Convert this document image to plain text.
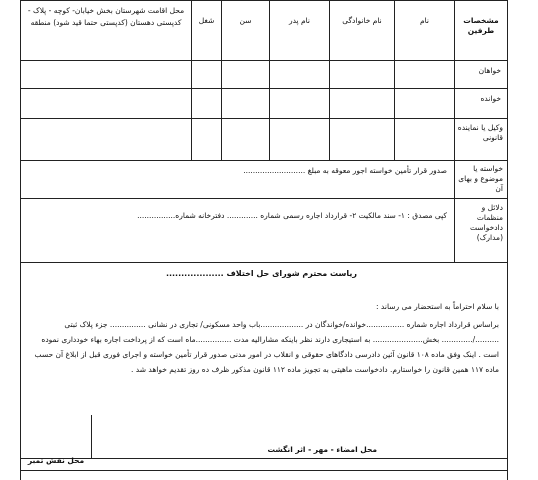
مشخصات طرفین
نام
نام خانوادگی
نام پدر
سن
شغل
محل اقامت شهرستان بخش خیابان- کوچه - پلاک - کدپستی دهستان (کدپستی حتما قید شود) منطقه
خواهان
خوانده
وکیل یا نماینده قانونی
خواسته یا موضوع و بهای آن
صدور قرار تأمین خواسته اجور معوقه به مبلغ ..........................
دلائل و منظمات دادخواست (مدارک)
کپی مصدق : ۱- سند مالکیت ۲- قرارداد اجاره رسمی شماره ............. دفترخانه شماره................
ریاست محترم شورای حل اختلاف ...................
با سلام احتراماً به استحضار می رساند :
براساس قرارداد اجاره شماره ................خوانده/خواندگان در ..................باب واحد مسکونی/ تجاری در نشانی ............... جزء پلاک ثبتی ........../............. بخش..................... به استیجاری دارند نظر باینکه مشارالیه مدت ...............ماه است که از پرداخت اجاره بهاء خودداری نموده است . اینک وفق ماده ۱۰۸ قانون آئین دادرسی دادگاهای حقوقی و انقلاب در امور مدنی صدور قرار تأمین خواسته و اجرای فوری قبل از ابلاغ آن حسب ماده ۱۱۷ همین قانون را خواستارم. دادخواست ماهیتی به تجویز ماده ۱۱۲ قانون مذکور ظرف ده روز تقدیم خواهد شد .
محل امضاء - مهر - اثر انگشت
محل نقش تمبر
